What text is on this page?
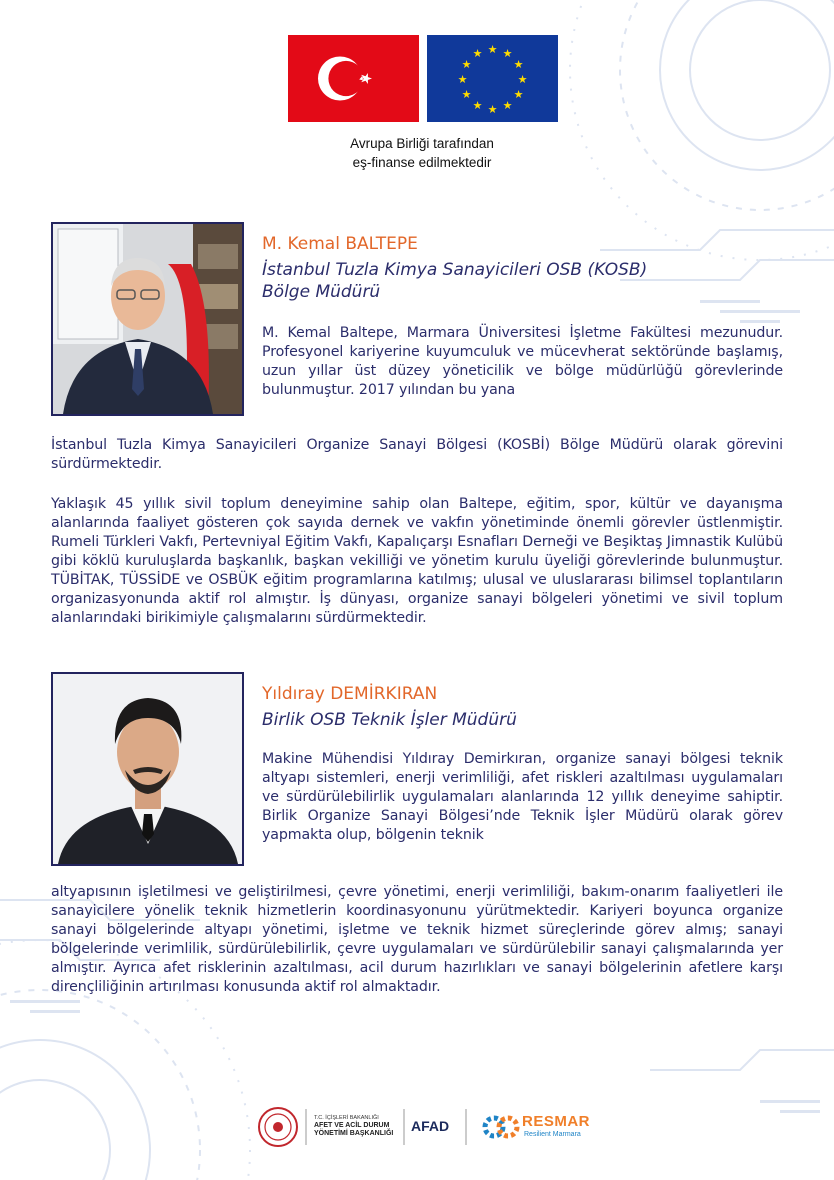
★ ★
★
★
★
★
★
★
★
★
★
★
Avrupa Birliği tarafından
eş-finanse edilmektedir
M. Kemal BALTEPE
İstanbul Tuzla Kimya Sanayicileri OSB (KOSB)
Bölge Müdürü

M. Kemal Baltepe, Marmara Üniversitesi İşletme Fakültesi mezunudur. Profesyonel kariyerine kuyumculuk ve mücevherat sektöründe başlamış, uzun yıllar üst düzey yöneticilik ve bölge müdürlüğü görevlerinde bulunmuştur. 2017 yılından bu yana

İstanbul Tuzla Kimya Sanayicileri Organize Sanayi Bölgesi (KOSBİ) Bölge Müdürü olarak görevini sürdürmektedir.

Yaklaşık 45 yıllık sivil toplum deneyimine sahip olan Baltepe, eğitim, spor, kültür ve dayanışma alanlarında faaliyet gösteren çok sayıda dernek ve vakfın yönetiminde önemli görevler üstlenmiştir. Rumeli Türkleri Vakfı, Pertevniyal Eğitim Vakfı, Kapalıçarşı Esnafları Derneği ve Beşiktaş Jimnastik Kulübü gibi köklü kuruluşlarda başkanlık, başkan vekilliği ve yönetim kurulu üyeliği görevlerinde bulunmuştur. TÜBİTAK, TÜSSİDE ve OSBÜK eğitim programlarına katılmış; ulusal ve uluslararası bilimsel toplantıların organizasyonunda aktif rol almıştır. İş dünyası, organize sanayi bölgeleri yönetimi ve sivil toplum alanlarındaki birikimiyle çalışmalarını sürdürmektedir.

Yıldıray DEMİRKIRAN
Birlik OSB Teknik İşler Müdürü

Makine Mühendisi Yıldıray Demirkıran, organize sanayi bölgesi teknik altyapı sistemleri, enerji verimliliği, afet riskleri azaltılması uygulamaları ve sürdürülebilirlik uygulamaları alanlarında 12 yıllık deneyime sahiptir. Birlik Organize Sanayi Bölgesi’nde Teknik İşler Müdürü olarak görev yapmakta olup, bölgenin teknik

altyapısının işletilmesi ve geliştirilmesi, çevre yönetimi, enerji verimliliği, bakım-onarım faaliyetleri ile sanayicilere yönelik teknik hizmetlerin koordinasyonunu yürütmektedir. Kariyeri boyunca organize sanayi bölgelerinde altyapı yönetimi, işletme ve teknik hizmet süreçlerinde görev almış; sanayi bölgelerinde verimlilik, sürdürülebilirlik, çevre uygulamaları ve sürdürülebilir sanayi çalışmalarında yer almıştır. Ayrıca afet risklerinin azaltılması, acil durum hazırlıkları ve sanayi bölgelerinin afetlere karşı dirençliliğinin artırılması konusunda aktif rol almaktadır.

T.C. İÇİŞLERİ BAKANLIĞI
AFET VE ACİL DURUM
YÖNETİMİ BAŞKANLIĞI	AFAD	RESMAR
Resilient Marmara
